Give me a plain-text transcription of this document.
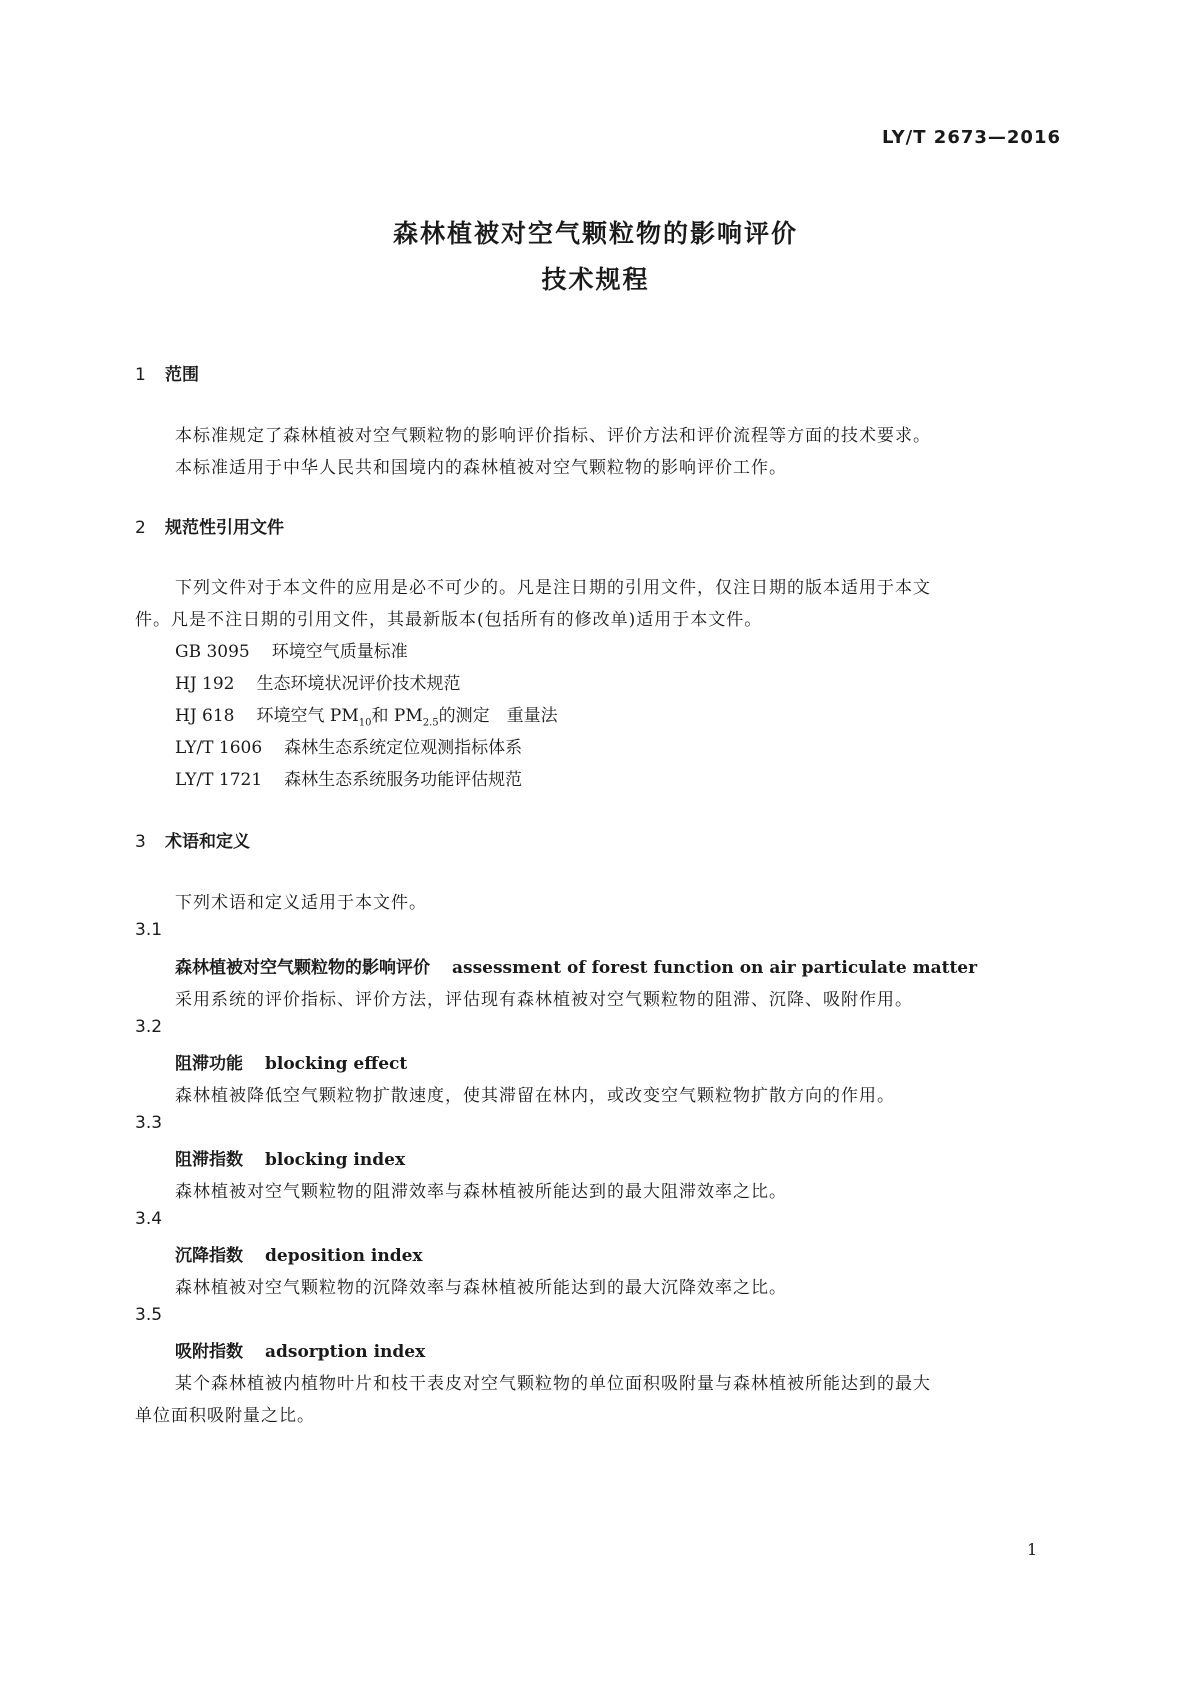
LY/T 2673—2016
森林植被对空气颗粒物的影响评价
技术规程
1 范围
本标准规定了森林植被对空气颗粒物的影响评价指标、评价方法和评价流程等方面的技术要求。
本标准适用于中华人民共和国境内的森林植被对空气颗粒物的影响评价工作。
2 规范性引用文件
下列文件对于本文件的应用是必不可少的。凡是注日期的引用文件，仅注日期的版本适用于本文
件。凡是不注日期的引用文件，其最新版本(包括所有的修改单)适用于本文件。
GB 3095 环境空气质量标准
HJ 192 生态环境状况评价技术规范
HJ 618 环境空气 $PM_{10}$和 $PM_{2.5}$的测定　重量法
LY/T 1606 森林生态系统定位观测指标体系
LY/T 1721 森林生态系统服务功能评估规范
3 术语和定义
下列术语和定义适用于本文件。
3.1
森林植被对空气颗粒物的影响评价 assessment of forest function on air particulate matter
采用系统的评价指标、评价方法，评估现有森林植被对空气颗粒物的阻滞、沉降、吸附作用。
3.2
阻滞功能 blocking effect
森林植被降低空气颗粒物扩散速度，使其滞留在林内，或改变空气颗粒物扩散方向的作用。
3.3
阻滞指数 blocking index
森林植被对空气颗粒物的阻滞效率与森林植被所能达到的最大阻滞效率之比。
3.4
沉降指数 deposition index
森林植被对空气颗粒物的沉降效率与森林植被所能达到的最大沉降效率之比。
3.5
吸附指数 adsorption index
某个森林植被内植物叶片和枝干表皮对空气颗粒物的单位面积吸附量与森林植被所能达到的最大
单位面积吸附量之比。
1
